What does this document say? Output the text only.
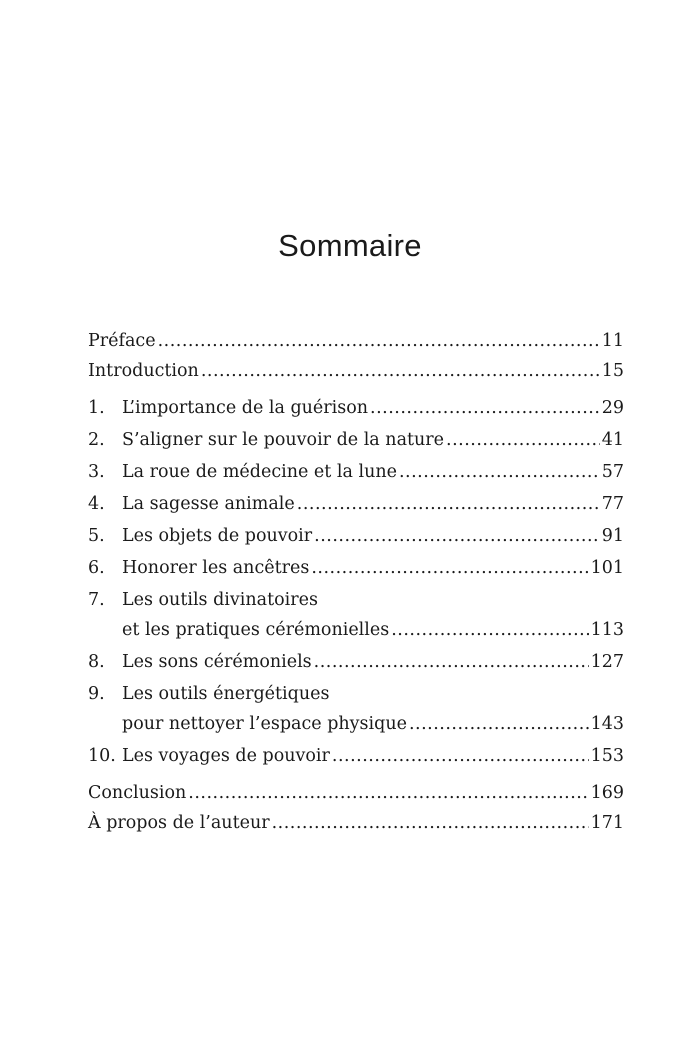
Sommaire
Préface .....	11
Introduction .....	15
1. L’importance de la guérison .....	29
2. S’aligner sur le pouvoir de la nature .....	41
3. La roue de médecine et la lune .....	57
4. La sagesse animale .....	77
5. Les objets de pouvoir .....	91
6. Honorer les ancêtres .....	101
7. Les outils divinatoires
et les pratiques cérémonielles .....	113
8. Les sons cérémoniels .....	127
9. Les outils énergétiques
pour nettoyer l’espace physique .....	143
10. Les voyages de pouvoir .....	153
Conclusion .....	169
À propos de l’auteur .....	171
